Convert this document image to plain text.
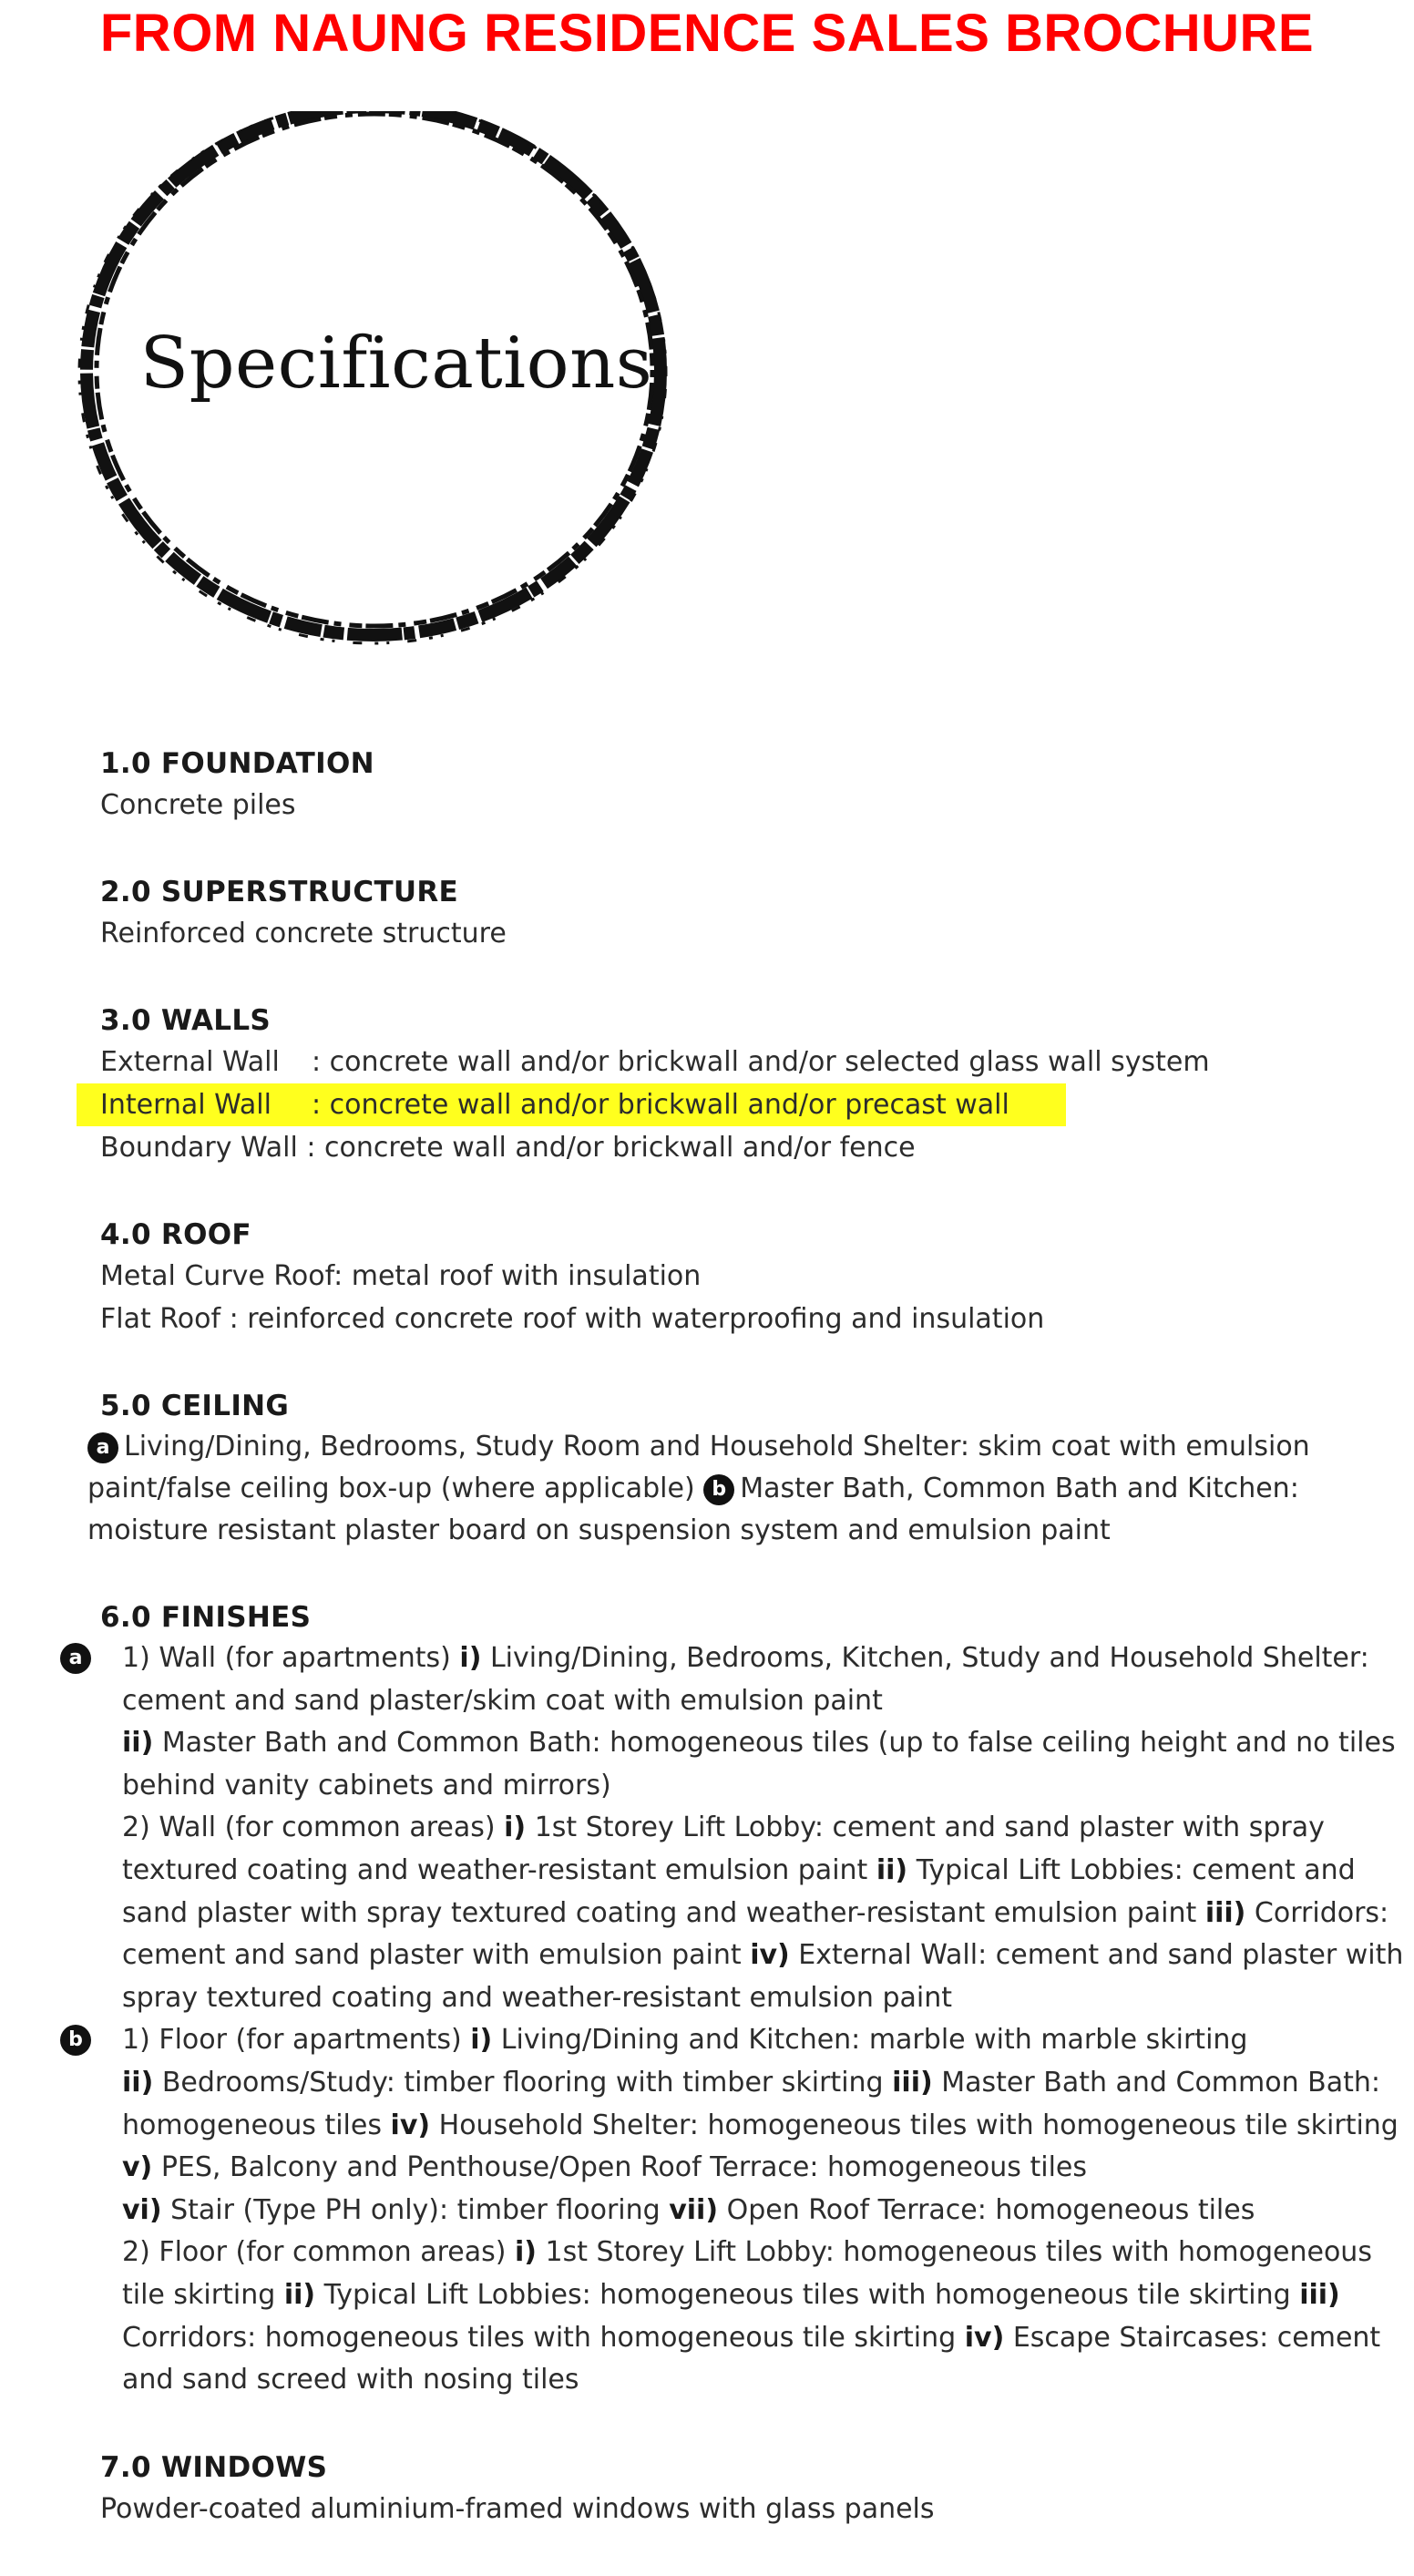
FROM NAUNG RESIDENCE SALES BROCHURE
Specifications
1.0 FOUNDATION
Concrete piles
2.0 SUPERSTRUCTURE
Reinforced concrete structure
3.0 WALLS
External Wall	: concrete wall and/or brickwall and/or selected glass wall system
Internal Wall	: concrete wall and/or brickwall and/or precast wall
Boundary Wall : concrete wall and/or brickwall and/or fence
4.0 ROOF
Metal Curve Roof: metal roof with insulation
Flat Roof : reinforced concrete roof with waterproofing and insulation
5.0 CEILING
a Living/Dining, Bedrooms, Study Room and Household Shelter: skim coat with emulsion paint/false ceiling box-up (where applicable) b Master Bath, Common Bath and Kitchen: moisture resistant plaster board on suspension system and emulsion paint
6.0 FINISHES
a	1) Wall (for apartments) i) Living/Dining, Bedrooms, Kitchen, Study and Household Shelter: cement and sand plaster/skim coat with emulsion paint
ii) Master Bath and Common Bath: homogeneous tiles (up to false ceiling height and no tiles behind vanity cabinets and mirrors)
2) Wall (for common areas) i) 1st Storey Lift Lobby: cement and sand plaster with spray textured coating and weather-resistant emulsion paint ii) Typical Lift Lobbies: cement and sand plaster with spray textured coating and weather-resistant emulsion paint iii) Corridors: cement and sand plaster with emulsion paint iv) External Wall: cement and sand plaster with spray textured coating and weather-resistant emulsion paint
b	1) Floor (for apartments) i) Living/Dining and Kitchen: marble with marble skirting
ii) Bedrooms/Study: timber flooring with timber skirting iii) Master Bath and Common Bath: homogeneous tiles iv) Household Shelter: homogeneous tiles with homogeneous tile skirting v) PES, Balcony and Penthouse/Open Roof Terrace: homogeneous tiles
vi) Stair (Type PH only): timber flooring vii) Open Roof Terrace: homogeneous tiles
2) Floor (for common areas) i) 1st Storey Lift Lobby: homogeneous tiles with homogeneous tile skirting ii) Typical Lift Lobbies: homogeneous tiles with homogeneous tile skirting iii) Corridors: homogeneous tiles with homogeneous tile skirting iv) Escape Staircases: cement and sand screed with nosing tiles
7.0 WINDOWS
Powder-coated aluminium-framed windows with glass panels
